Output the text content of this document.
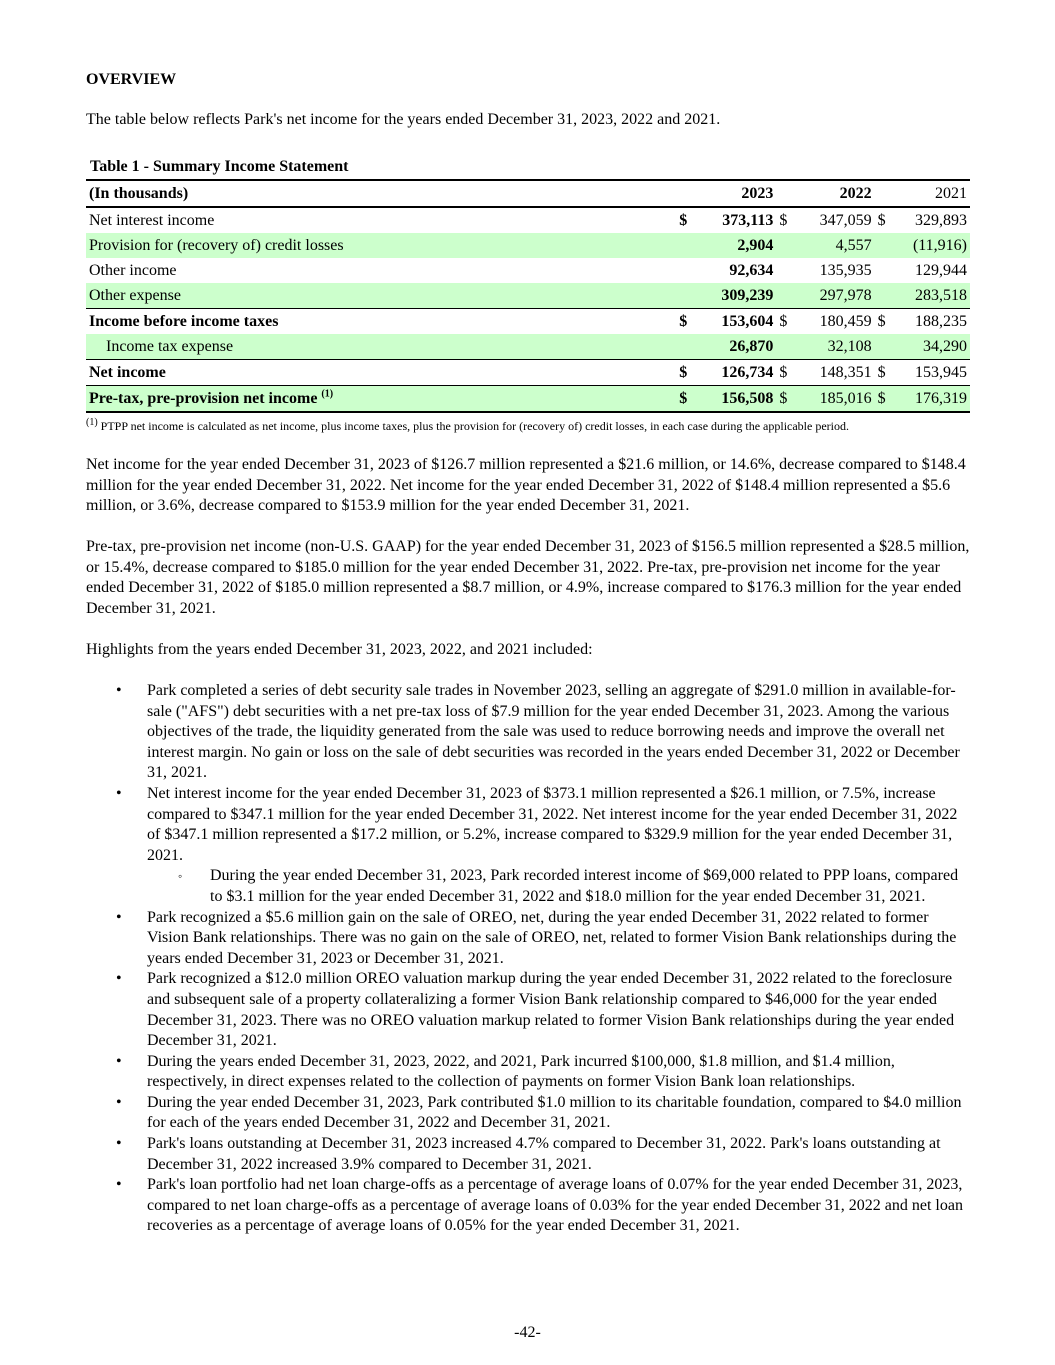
OVERVIEW
The table below reflects Park's net income for the years ended December 31, 2023, 2022 and 2021.
Table 1 - Summary Income Statement
(In thousands)		2023		2022		2021
Net interest income	$	373,113	$	347,059	$	329,893
Provision for (recovery of) credit losses		2,904		4,557		(11,916)
Other income		92,634		135,935		129,944
Other expense		309,239		297,978		283,518
Income before income taxes	$	153,604	$	180,459	$	188,235
Income tax expense		26,870		32,108		34,290
Net income	$	126,734	$	148,351	$	153,945
Pre-tax, pre-provision net income $^{(1)}$	$	156,508	$	185,016	$	176,319
$^{(1)}$ PTPP net income is calculated as net income, plus income taxes, plus the provision for (recovery of) credit losses, in each case during the applicable period.
Net income for the year ended December 31, 2023 of $126.7 million represented a $21.6 million, or 14.6%, decrease compared to $148.4 million for the year ended December 31, 2022. Net income for the year ended December 31, 2022 of $148.4 million represented a $5.6 million, or 3.6%, decrease compared to $153.9 million for the year ended December 31, 2021.
Pre-tax, pre-provision net income (non-U.S. GAAP) for the year ended December 31, 2023 of $156.5 million represented a $28.5 million, or 15.4%, decrease compared to $185.0 million for the year ended December 31, 2022. Pre-tax, pre-provision net income for the year ended December 31, 2022 of $185.0 million represented a $8.7 million, or 4.9%, increase compared to $176.3 million for the year ended December 31, 2021.
Highlights from the years ended December 31, 2023, 2022, and 2021 included:
• Park completed a series of debt security sale trades in November 2023, selling an aggregate of $291.0 million in available-for-sale ("AFS") debt securities with a net pre-tax loss of $7.9 million for the year ended December 31, 2023. Among the various objectives of the trade, the liquidity generated from the sale was used to reduce borrowing needs and improve the overall net interest margin. No gain or loss on the sale of debt securities was recorded in the years ended December 31, 2022 or December 31, 2021.
• Net interest income for the year ended December 31, 2023 of $373.1 million represented a $26.1 million, or 7.5%, increase compared to $347.1 million for the year ended December 31, 2022. Net interest income for the year ended December 31, 2022 of $347.1 million represented a $17.2 million, or 5.2%, increase compared to $329.9 million for the year ended December 31, 2021.
◦ During the year ended December 31, 2023, Park recorded interest income of $69,000 related to PPP loans, compared to $3.1 million for the year ended December 31, 2022 and $18.0 million for the year ended December 31, 2021.
• Park recognized a $5.6 million gain on the sale of OREO, net, during the year ended December 31, 2022 related to former Vision Bank relationships. There was no gain on the sale of OREO, net, related to former Vision Bank relationships during the years ended December 31, 2023 or December 31, 2021.
• Park recognized a $12.0 million OREO valuation markup during the year ended December 31, 2022 related to the foreclosure and subsequent sale of a property collateralizing a former Vision Bank relationship compared to $46,000 for the year ended December 31, 2023. There was no OREO valuation markup related to former Vision Bank relationships during the year ended December 31, 2021.
• During the years ended December 31, 2023, 2022, and 2021, Park incurred $100,000, $1.8 million, and $1.4 million, respectively, in direct expenses related to the collection of payments on former Vision Bank loan relationships.
• During the year ended December 31, 2023, Park contributed $1.0 million to its charitable foundation, compared to $4.0 million for each of the years ended December 31, 2022 and December 31, 2021.
• Park's loans outstanding at December 31, 2023 increased 4.7% compared to December 31, 2022. Park's loans outstanding at December 31, 2022 increased 3.9% compared to December 31, 2021.
• Park's loan portfolio had net loan charge-offs as a percentage of average loans of 0.07% for the year ended December 31, 2023, compared to net loan charge-offs as a percentage of average loans of 0.03% for the year ended December 31, 2022 and net loan recoveries as a percentage of average loans of 0.05% for the year ended December 31, 2021.
-42-
